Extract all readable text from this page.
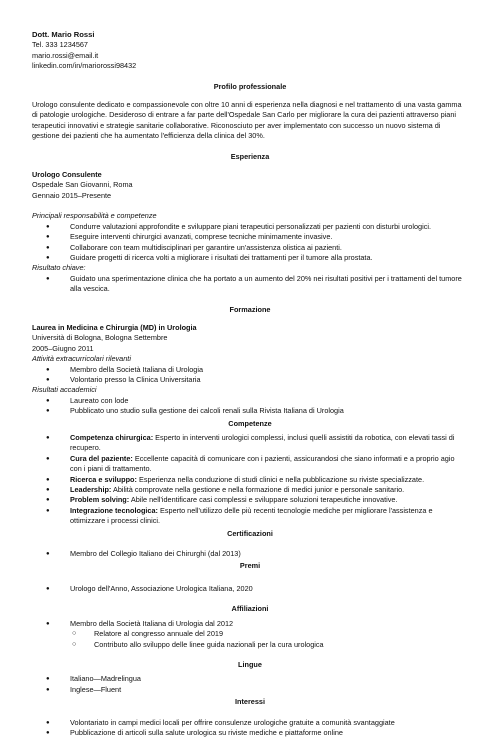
Dott. Mario Rossi

Tel. 333 1234567

mario.rossi@email.it

linkedin.com/in/mariorossi98432

Profilo professionale

Urologo consulente dedicato e compassionevole con oltre 10 anni di esperienza nella diagnosi e nel trattamento di una vasta gamma di patologie urologiche. Desideroso di entrare a far parte dell'Ospedale San Carlo per migliorare la cura dei pazienti attraverso piani terapeutici innovativi e strategie sanitarie collaborative. Riconosciuto per aver implementato con successo un nuovo sistema di gestione dei pazienti che ha aumentato l'efficienza della clinica del 30%.

Esperienza

Urologo Consulente

Ospedale San Giovanni, Roma

Gennaio 2015–Presente

Principali responsabilità e competenze

● Condurre valutazioni approfondite e sviluppare piani terapeutici personalizzati per pazienti con disturbi urologici.
● Eseguire interventi chirurgici avanzati, comprese tecniche minimamente invasive.
● Collaborare con team multidisciplinari per garantire un'assistenza olistica ai pazienti.
● Guidare progetti di ricerca volti a migliorare i risultati dei trattamenti per il tumore alla prostata.

Risultato chiave:

● Guidato una sperimentazione clinica che ha portato a un aumento del 20% nei risultati positivi per i trattamenti del tumore alla vescica.
Formazione

Laurea in Medicina e Chirurgia (MD) in Urologia

Università di Bologna, Bologna Settembre

2005–Giugno 2011

Attività extracurricolari rilevanti

● Membro della Società Italiana di Urologia
● Volontario presso la Clinica Universitaria

Risultati accademici

● Laureato con lode
● Pubblicato uno studio sulla gestione dei calcoli renali sulla Rivista Italiana di Urologia
Competenze
● Competenza chirurgica: Esperto in interventi urologici complessi, inclusi quelli assistiti da robotica, con elevati tassi di recupero.
● Cura del paziente: Eccellente capacità di comunicare con i pazienti, assicurandosi che siano informati e a proprio agio con i piani di trattamento.
● Ricerca e sviluppo: Esperienza nella conduzione di studi clinici e nella pubblicazione su riviste specializzate.
● Leadership: Abilità comprovate nella gestione e nella formazione di medici junior e personale sanitario.
● Problem solving: Abile nell'identificare casi complessi e sviluppare soluzioni terapeutiche innovative.
● Integrazione tecnologica: Esperto nell'utilizzo delle più recenti tecnologie mediche per migliorare l'assistenza e ottimizzare i processi clinici.
Certificazioni
● Membro del Collegio Italiano dei Chirurghi (dal 2013)
Premi
● Urologo dell'Anno, Associazione Urologica Italiana, 2020
Affiliazioni
● Membro della Società Italiana di Urologia dal 2012
○ Relatore al congresso annuale del 2019
○ Contributo allo sviluppo delle linee guida nazionali per la cura urologica
Lingue
● Italiano—Madrelingua
● Inglese—Fluent
Interessi
● Volontariato in campi medici locali per offrire consulenze urologiche gratuite a comunità svantaggiate
● Pubblicazione di articoli sulla salute urologica su riviste mediche e piattaforme online
